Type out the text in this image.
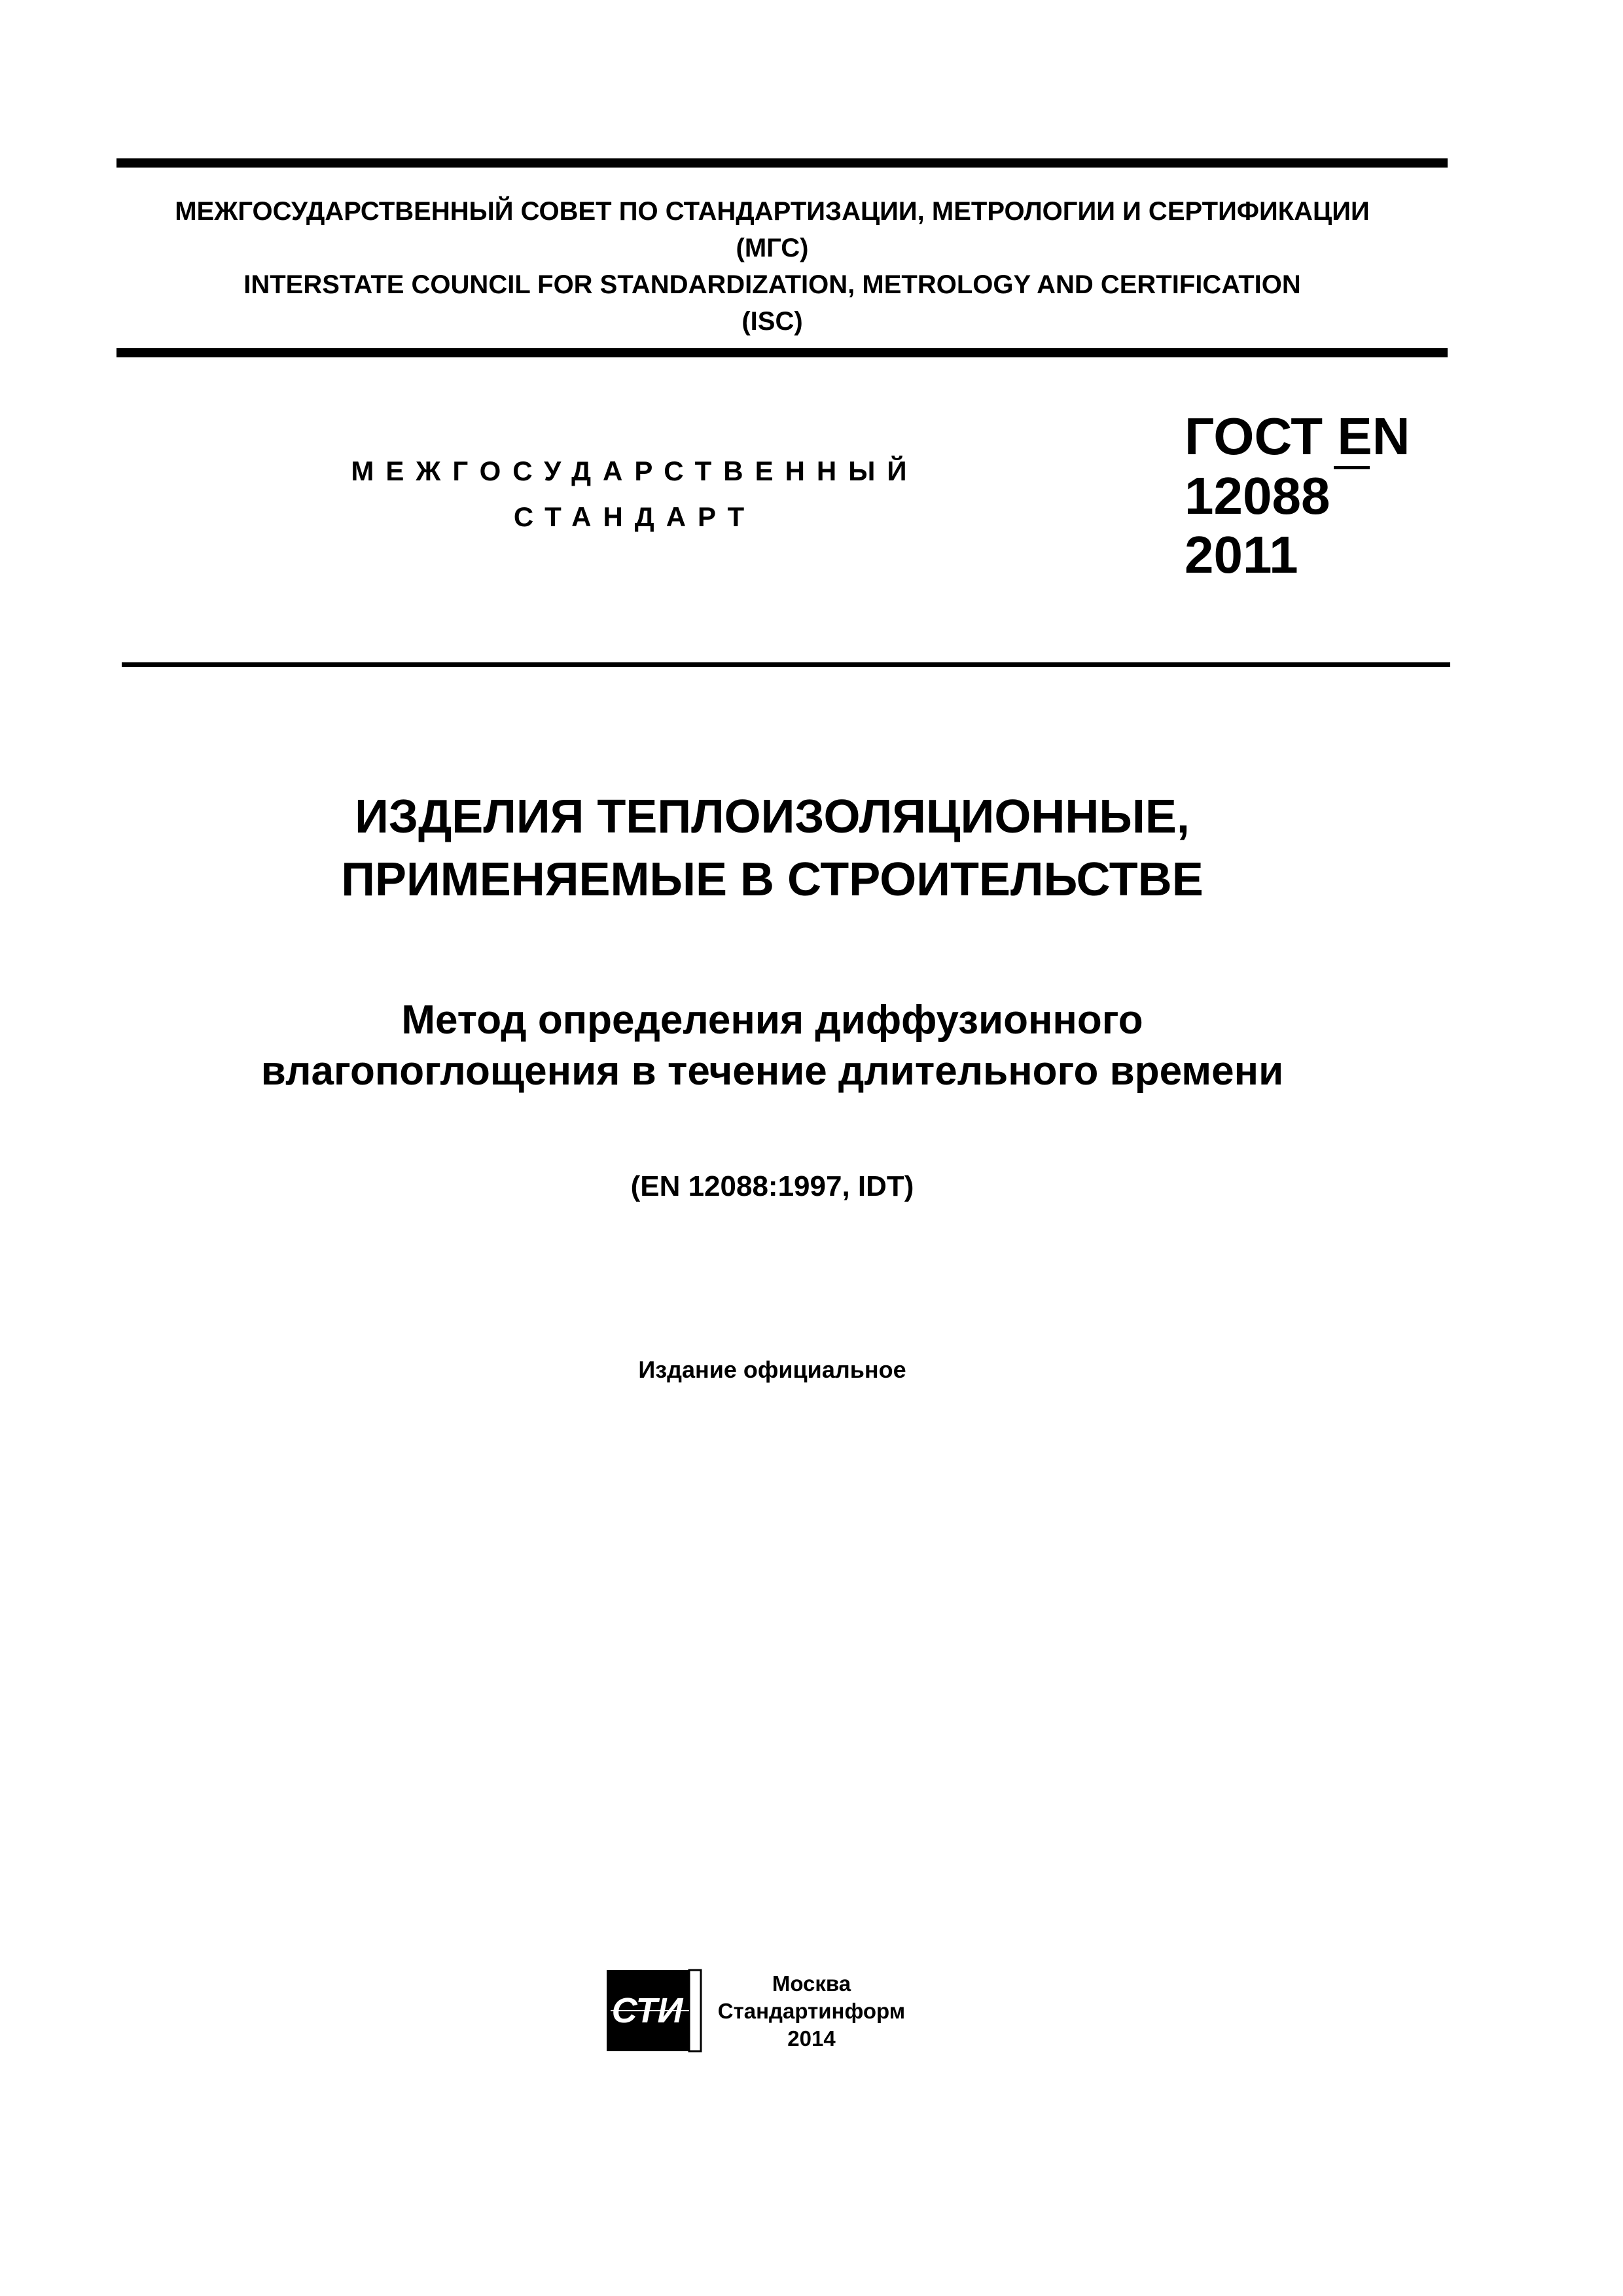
МЕЖГОСУДАРСТВЕННЫЙ СОВЕТ ПО СТАНДАРТИЗАЦИИ, МЕТРОЛОГИИ И СЕРТИФИКАЦИИ
(МГС)
INTERSTATE COUNCIL FOR STANDARDIZATION, METROLOGY AND CERTIFICATION
(ISC)
МЕЖГОСУДАРСТВЕННЫЙ
СТАНДАРТ
ГОСТ EN
12088
2011
ИЗДЕЛИЯ ТЕПЛОИЗОЛЯЦИОННЫЕ,
ПРИМЕНЯЕМЫЕ В СТРОИТЕЛЬСТВЕ
Метод определения диффузионного
влагопоглощения в течение длительного времени
(EN 12088:1997, IDT)
Издание официальное
СТИ
Москва
Стандартинформ
2014
